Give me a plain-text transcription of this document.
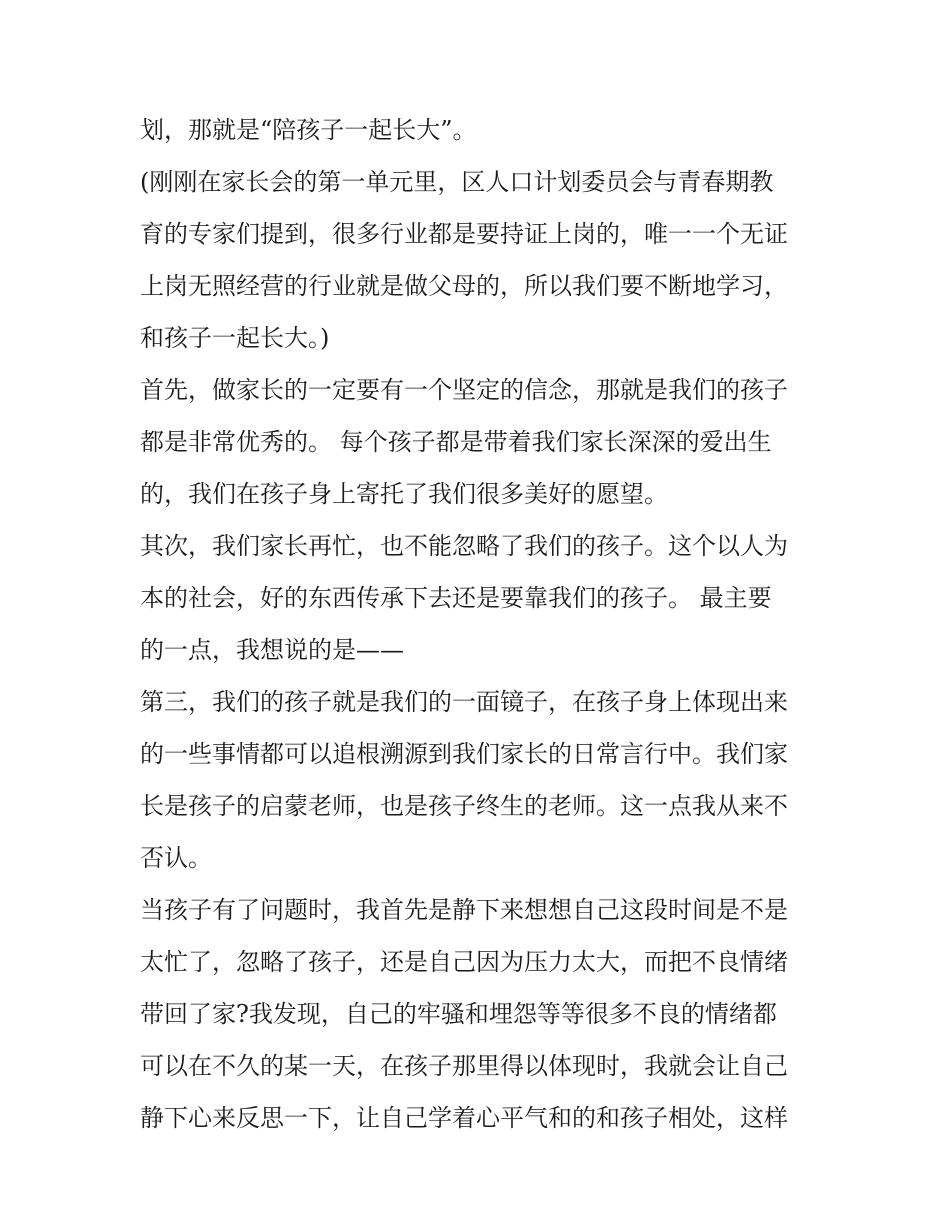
划，那就是“陪孩子一起长大”。
(刚刚在家长会的第一单元里，区人口计划委员会与青春期教
育的专家们提到，很多行业都是要持证上岗的，唯一一个无证
上岗无照经营的行业就是做父母的，所以我们要不断地学习，
和孩子一起长大。)
首先，做家长的一定要有一个坚定的信念，那就是我们的孩子
都是非常优秀的。 每个孩子都是带着我们家长深深的爱出生
的，我们在孩子身上寄托了我们很多美好的愿望。
其次，我们家长再忙，也不能忽略了我们的孩子。这个以人为
本的社会，好的东西传承下去还是要靠我们的孩子。 最主要
的一点，我想说的是——
第三，我们的孩子就是我们的一面镜子，在孩子身上体现出来
的一些事情都可以追根溯源到我们家长的日常言行中。我们家
长是孩子的启蒙老师，也是孩子终生的老师。这一点我从来不
否认。
当孩子有了问题时，我首先是静下来想想自己这段时间是不是
太忙了，忽略了孩子，还是自己因为压力太大，而把不良情绪
带回了家?我发现，自己的牢骚和埋怨等等很多不良的情绪都
可以在不久的某一天，在孩子那里得以体现时，我就会让自己
静下心来反思一下，让自己学着心平气和的和孩子相处，这样
